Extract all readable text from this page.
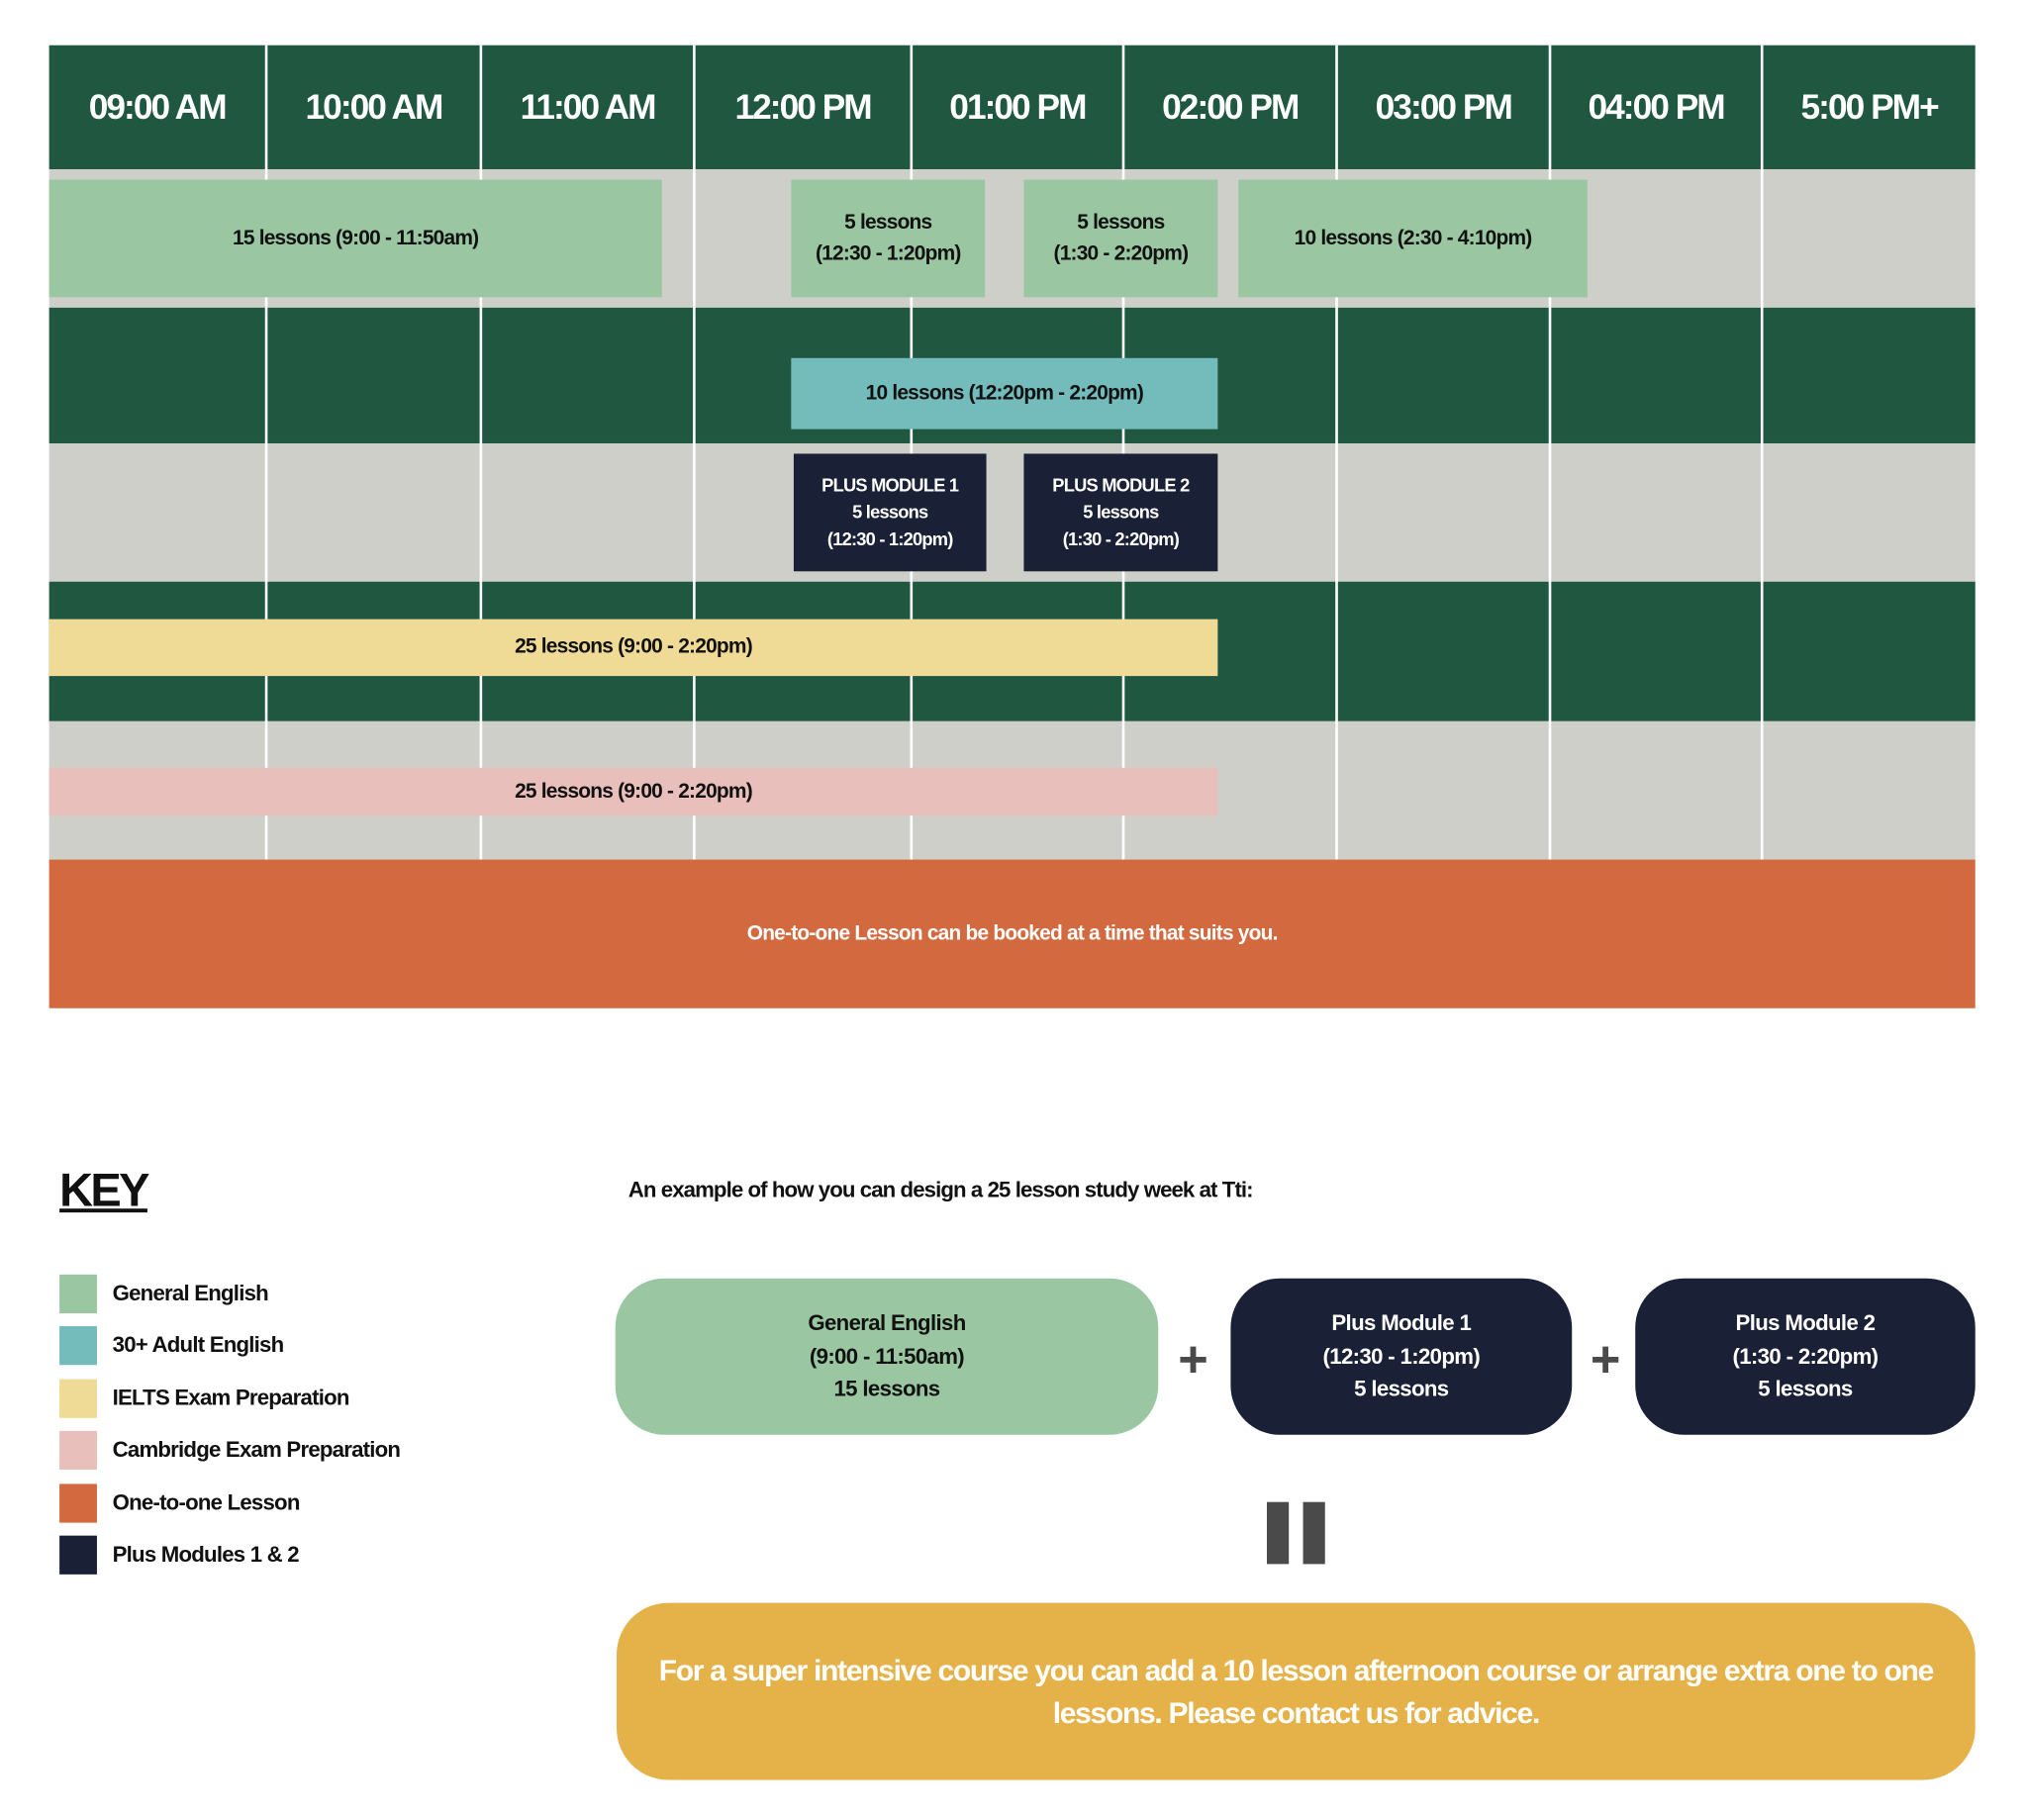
09:00 AM	10:00 AM	11:00 AM	12:00 PM	01:00 PM	02:00 PM	03:00 PM	04:00 PM	5:00 PM+
15 lessons (9:00 - 11:50am)
5 lessons
(12:30 - 1:20pm)
5 lessons
(1:30 - 2:20pm)
10 lessons (2:30 - 4:10pm)
10 lessons (12:20pm - 2:20pm)
PLUS MODULE 1
5 lessons
(12:30 - 1:20pm)
PLUS MODULE 2
5 lessons
(1:30 - 2:20pm)
25 lessons (9:00 - 2:20pm)
25 lessons (9:00 - 2:20pm)
One-to-one Lesson can be booked at a time that suits you.
KEY
General English
30+ Adult English
IELTS Exam Preparation
Cambridge Exam Preparation
One-to-one Lesson
Plus Modules 1 & 2
An example of how you can design a 25 lesson study week at Tti:
General English
(9:00 - 11:50am)
15 lessons
+
Plus Module 1
(12:30 - 1:20pm)
5 lessons
+
Plus Module 2
(1:30 - 2:20pm)
5 lessons
For a super intensive course you can add a 10 lesson afternoon course or arrange extra one to one lessons. Please contact us for advice.
